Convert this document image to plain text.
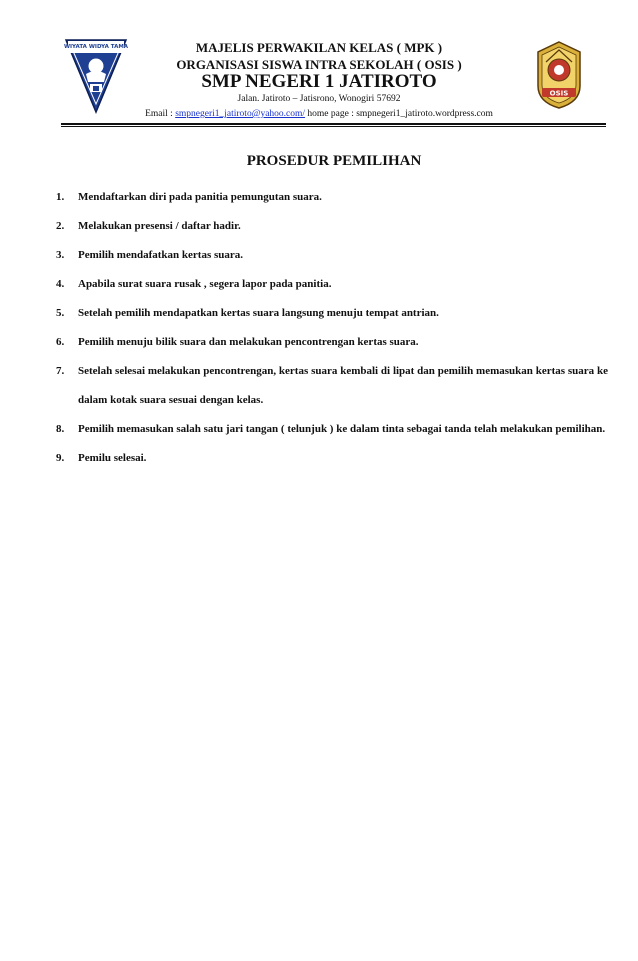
WIYATA WIDYA TAMA	MAJELIS PERWAKILAN KELAS ( MPK )
ORGANISASI SISWA INTRA SEKOLAH ( OSIS )
SMP NEGERI 1 JATIROTO
Jalan. Jatiroto – Jatisrono, Wonogiri 57692
Email : smpnegeri1_jatiroto@yahoo.com/ home page : smpnegeri1_jatiroto.wordpress.com
OSIS
PROSEDUR PEMILIHAN
1. Mendaftarkan diri pada panitia pemungutan suara.
2. Melakukan presensi / daftar hadir.
3. Pemilih mendafatkan kertas suara.
4. Apabila surat suara rusak , segera lapor pada panitia.
5. Setelah pemilih mendapatkan kertas suara langsung menuju tempat antrian.
6. Pemilih menuju bilik suara dan melakukan pencontrengan kertas suara.
7. Setelah selesai melakukan pencontrengan, kertas suara kembali di lipat dan pemilih memasukan kertas suara ke dalam kotak suara sesuai dengan kelas.
8. Pemilih memasukan salah satu jari tangan ( telunjuk ) ke dalam tinta sebagai tanda telah melakukan pemilihan.
9. Pemilu selesai.
